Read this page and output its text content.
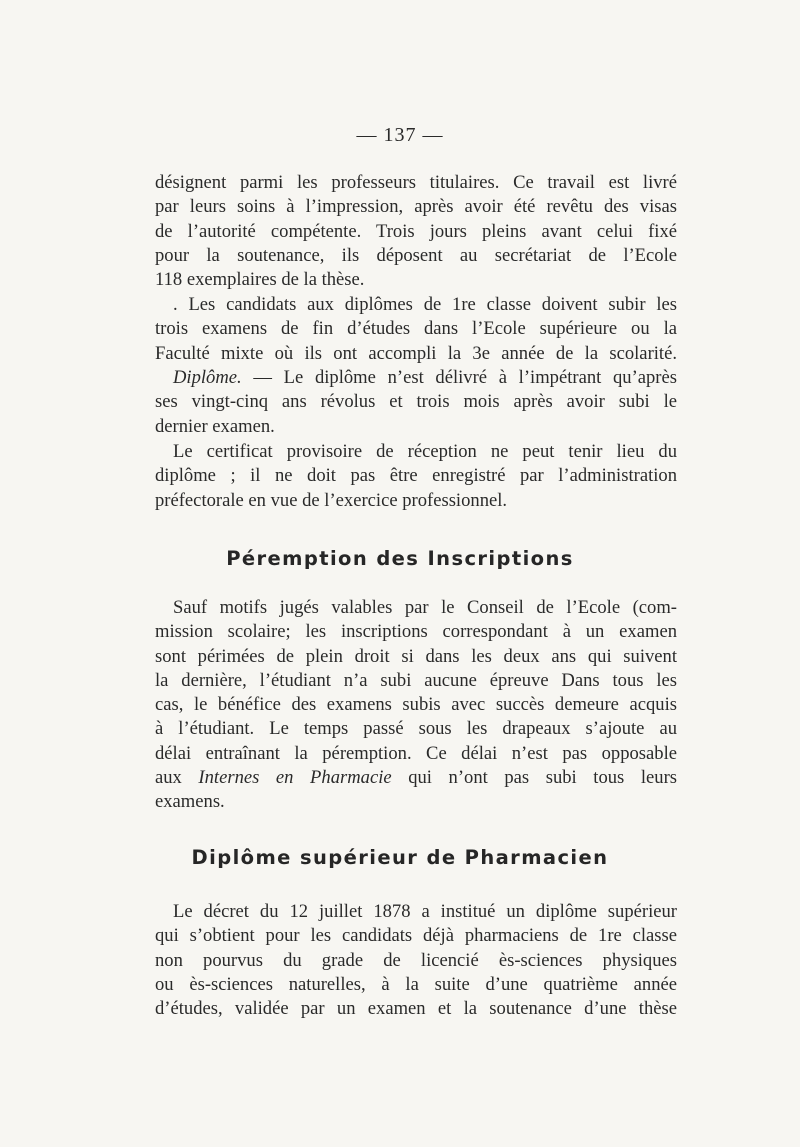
— 137 —
désignent parmi les professeurs titulaires. Ce travail est livré
par leurs soins à l’impression, après avoir été revêtu des visas
de l’autorité compétente. Trois jours pleins avant celui fixé
pour la soutenance, ils déposent au secrétariat de l’Ecole
118 exemplaires de la thèse.
. Les candidats aux diplômes de 1re classe doivent subir les
trois examens de fin d’études dans l’Ecole supérieure ou la
Faculté mixte où ils ont accompli la 3e année de la scolarité.
Diplôme. — Le diplôme n’est délivré à l’impétrant qu’après
ses vingt-cinq ans révolus et trois mois après avoir subi le
dernier examen.
Le certificat provisoire de réception ne peut tenir lieu du
diplôme ; il ne doit pas être enregistré par l’administration
préfectorale en vue de l’exercice professionnel.
Péremption des Inscriptions
Sauf motifs jugés valables par le Conseil de l’Ecole (com-
mission scolaire; les inscriptions correspondant à un examen
sont périmées de plein droit si dans les deux ans qui suivent
la dernière, l’étudiant n’a subi aucune épreuve Dans tous les
cas, le bénéfice des examens subis avec succès demeure acquis
à l’étudiant. Le temps passé sous les drapeaux s’ajoute au
délai entraînant la péremption. Ce délai n’est pas opposable
aux Internes en Pharmacie qui n’ont pas subi tous leurs
examens.
Diplôme supérieur de Pharmacien
Le décret du 12 juillet 1878 a institué un diplôme supérieur
qui s’obtient pour les candidats déjà pharmaciens de 1re classe
non pourvus du grade de licencié ès-sciences physiques
ou ès-sciences naturelles, à la suite d’une quatrième année
d’études, validée par un examen et la soutenance d’une thèse
